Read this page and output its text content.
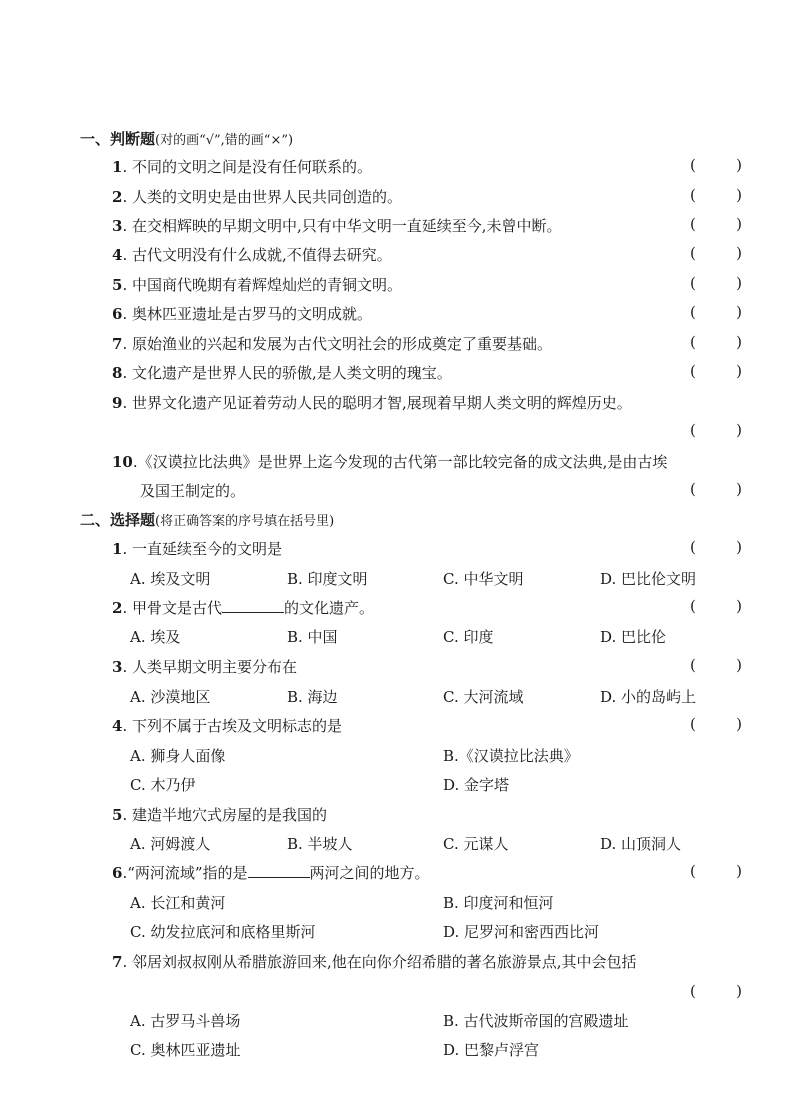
一、判断题(对的画“√”,错的画“×”)
1. 不同的文明之间是没有任何联系的。	(	)
2. 人类的文明史是由世界人民共同创造的。	(	)
3. 在交相辉映的早期文明中,只有中华文明一直延续至今,未曾中断。	(	)
4. 古代文明没有什么成就,不值得去研究。	(	)
5. 中国商代晚期有着辉煌灿烂的青铜文明。	(	)
6. 奥林匹亚遗址是古罗马的文明成就。	(	)
7. 原始渔业的兴起和发展为古代文明社会的形成奠定了重要基础。	(	)
8. 文化遗产是世界人民的骄傲,是人类文明的瑰宝。	(	)
9. 世界文化遗产见证着劳动人民的聪明才智,展现着早期人类文明的辉煌历史。
(	)
10.《汉谟拉比法典》是世界上迄今发现的古代第一部比较完备的成文法典,是由古埃
及国王制定的。	(	)
二、选择题(将正确答案的序号填在括号里)
1. 一直延续至今的文明是	(	)
A. 埃及文明	B. 印度文明	C. 中华文明	D. 巴比伦文明
2. 甲骨文是古代	的文化遗产。	(	)
A. 埃及	B. 中国	C. 印度	D. 巴比伦
3. 人类早期文明主要分布在	(	)
A. 沙漠地区	B. 海边	C. 大河流域	D. 小的岛屿上
4. 下列不属于古埃及文明标志的是	(	)
A. 狮身人面像	B.《汉谟拉比法典》
C. 木乃伊	D. 金字塔
5. 建造半地穴式房屋的是我国的
A. 河姆渡人	B. 半坡人	C. 元谋人	D. 山顶洞人
6.“两河流域”指的是	两河之间的地方。	(	)
A. 长江和黄河	B. 印度河和恒河
C. 幼发拉底河和底格里斯河	D. 尼罗河和密西西比河
7. 邻居刘叔叔刚从希腊旅游回来,他在向你介绍希腊的著名旅游景点,其中会包括
(	)
A. 古罗马斗兽场	B. 古代波斯帝国的宫殿遗址
C. 奥林匹亚遗址	D. 巴黎卢浮宫
